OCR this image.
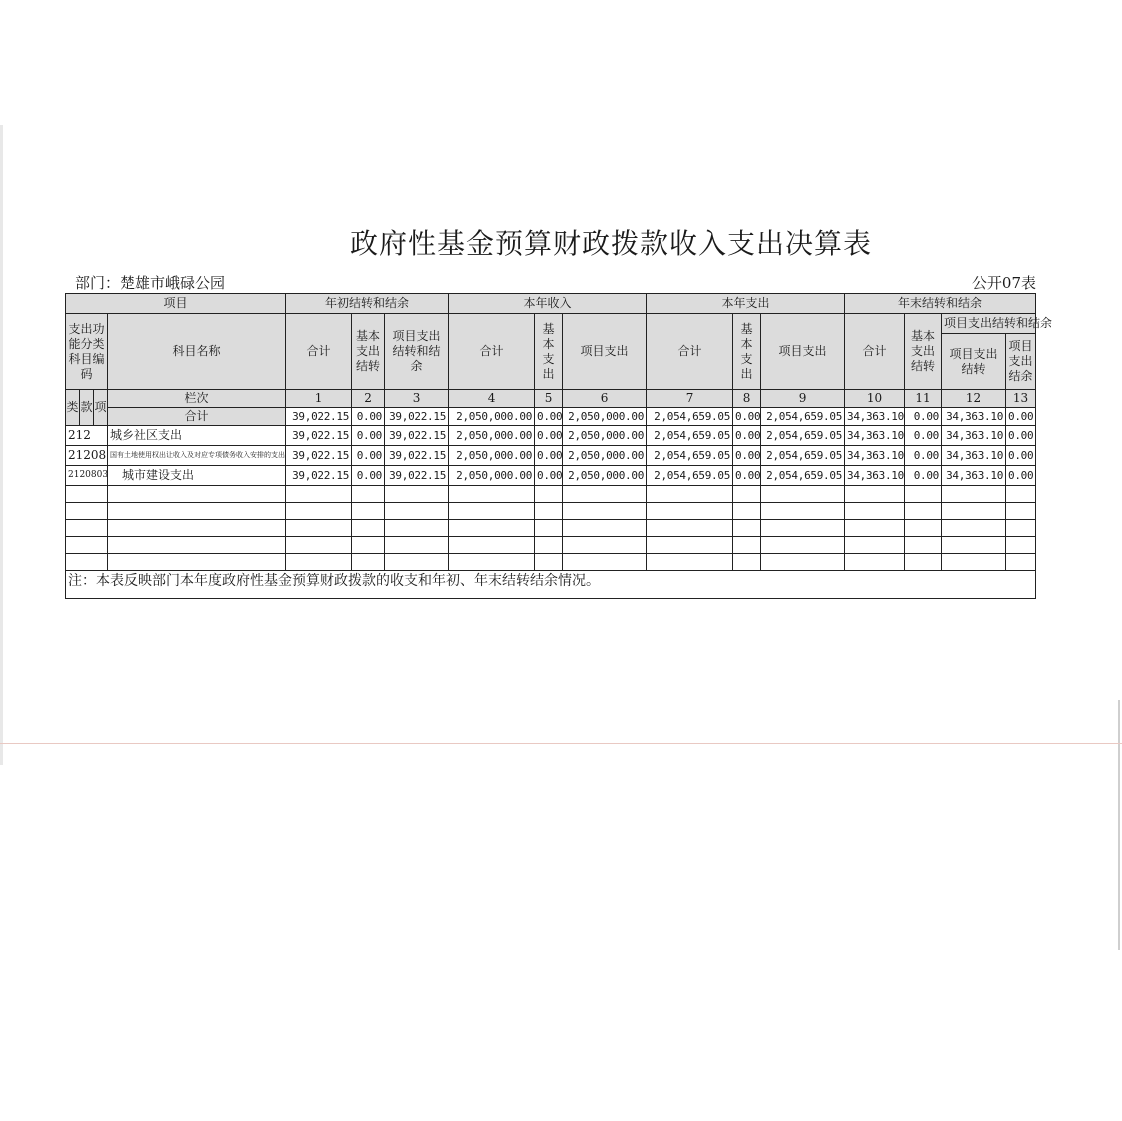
政府性基金预算财政拨款收入支出决算表
部门：楚雄市峨碌公园	公开07表
项目				年初结转和结余			本年收入			本年支出			年末结转和结余			
支出功能分类科目编码			科目名称	合计	基本支出结转	项目支出结转和结余	合计	基本支出	项目支出	合计	基本支出	项目支出	合计	基本支出结转	项目支出结转和结余	
															项目支出结转	项目支出结余

类	款	项	栏次	1	2	3	4	5	6	7	8	9	10	11	12	13
			合计	39,022.15	0.00	39,022.15	2,050,000.00	0.00	2,050,000.00	2,054,659.05	0.00	2,054,659.05	34,363.10	0.00	34,363.10	0.00
212			城乡社区支出	39,022.15	0.00	39,022.15	2,050,000.00	0.00	2,050,000.00	2,054,659.05	0.00	2,054,659.05	34,363.10	0.00	34,363.10	0.00
21208			国有土地使用权出让收入及对应专项债务收入安排的支出	39,022.15	0.00	39,022.15	2,050,000.00	0.00	2,050,000.00	2,054,659.05	0.00	2,054,659.05	34,363.10	0.00	34,363.10	0.00
2120803			城市建设支出	39,022.15	0.00	39,022.15	2,050,000.00	0.00	2,050,000.00	2,054,659.05	0.00	2,054,659.05	34,363.10	0.00	34,363.10	0.00

注：本表反映部门本年度政府性基金预算财政拨款的收支和年初、年末结转结余情况。																
